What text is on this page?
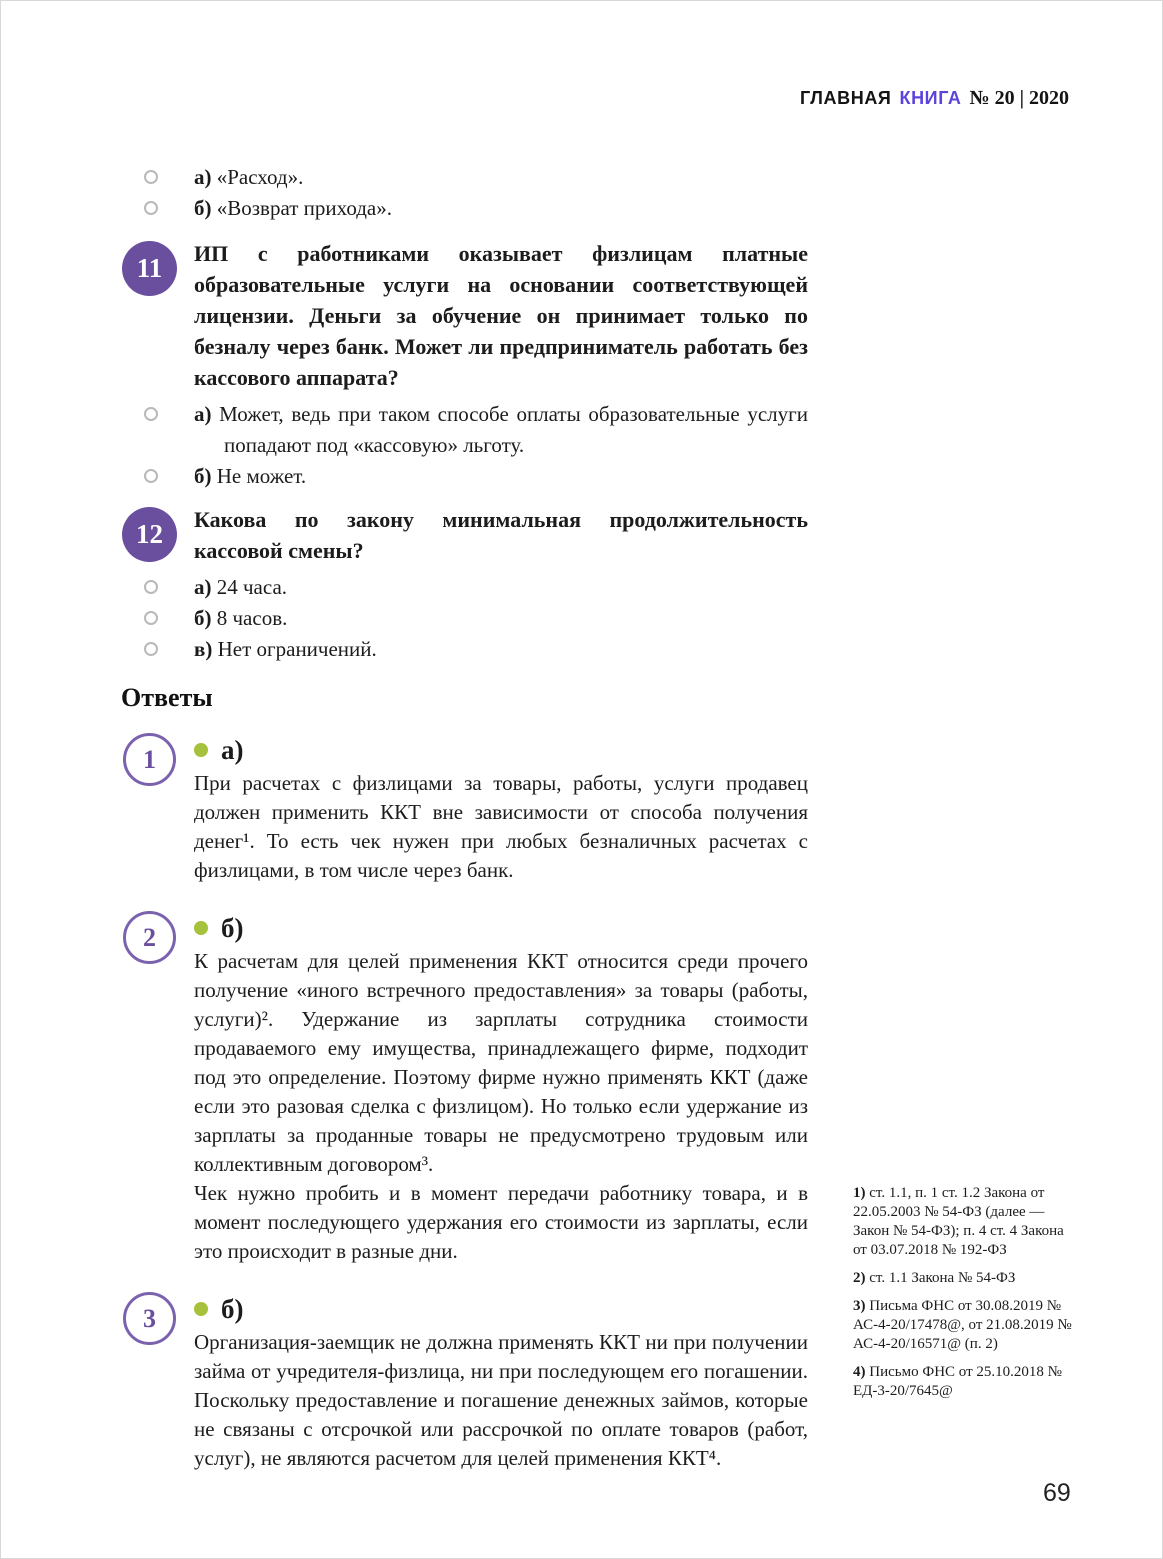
ГЛАВНАЯ КНИГА № 20 | 2020
а) «Расход».
б) «Возврат прихода».
11	ИП с работниками оказывает физлицам платные образовательные услуги на основании соответствующей лицензии. Деньги за обучение он принимает только по безналу через банк. Может ли предприниматель работать без кассового аппарата?
а) Может, ведь при таком способе оплаты образовательные услуги попадают под «кассовую» льготу.
б) Не может.
12	Какова по закону минимальная продолжительность кассовой смены?
а) 24 часа.
б) 8 часов.
в) Нет ограничений.
Ответы
1	а)

При расчетах с физлицами за товары, работы, услуги продавец должен применить ККТ вне зависимости от способа получения денег¹. То есть чек нужен при любых безналичных расчетах с физлицами, в том числе через банк.

2	б)

К расчетам для целей применения ККТ относится среди прочего получение «иного встречного предоставления» за товары (работы, услуги)². Удержание из зарплаты сотрудника стоимости продаваемого ему имущества, принадлежащего фирме, подходит под это определение. Поэтому фирме нужно применять ККТ (даже если это разовая сделка с физлицом). Но только если удержание из зарплаты за проданные товары не предусмотрено трудовым или коллективным договором³.

Чек нужно пробить и в момент передачи работнику товара, и в момент последующего удержания его стоимости из зарплаты, если это происходит в разные дни.

3	б)

Организация-заемщик не должна применять ККТ ни при получении займа от учредителя-физлица, ни при последующем его погашении. Поскольку предоставление и погашение денежных займов, которые не связаны с отсрочкой или рассрочкой по оплате товаров (работ, услуг), не являются расчетом для целей применения ККТ⁴.

1) ст. 1.1, п. 1 ст. 1.2 Закона от 22.05.2003 № 54-ФЗ (далее — Закон № 54-ФЗ); п. 4 ст. 4 Закона от 03.07.2018 № 192-ФЗ

2) ст. 1.1 Закона № 54-ФЗ

3) Письма ФНС от 30.08.2019 № АС-4-20/17478@, от 21.08.2019 № АС-4-20/16571@ (п. 2)

4) Письмо ФНС от 25.10.2018 № ЕД-3-20/7645@

69
